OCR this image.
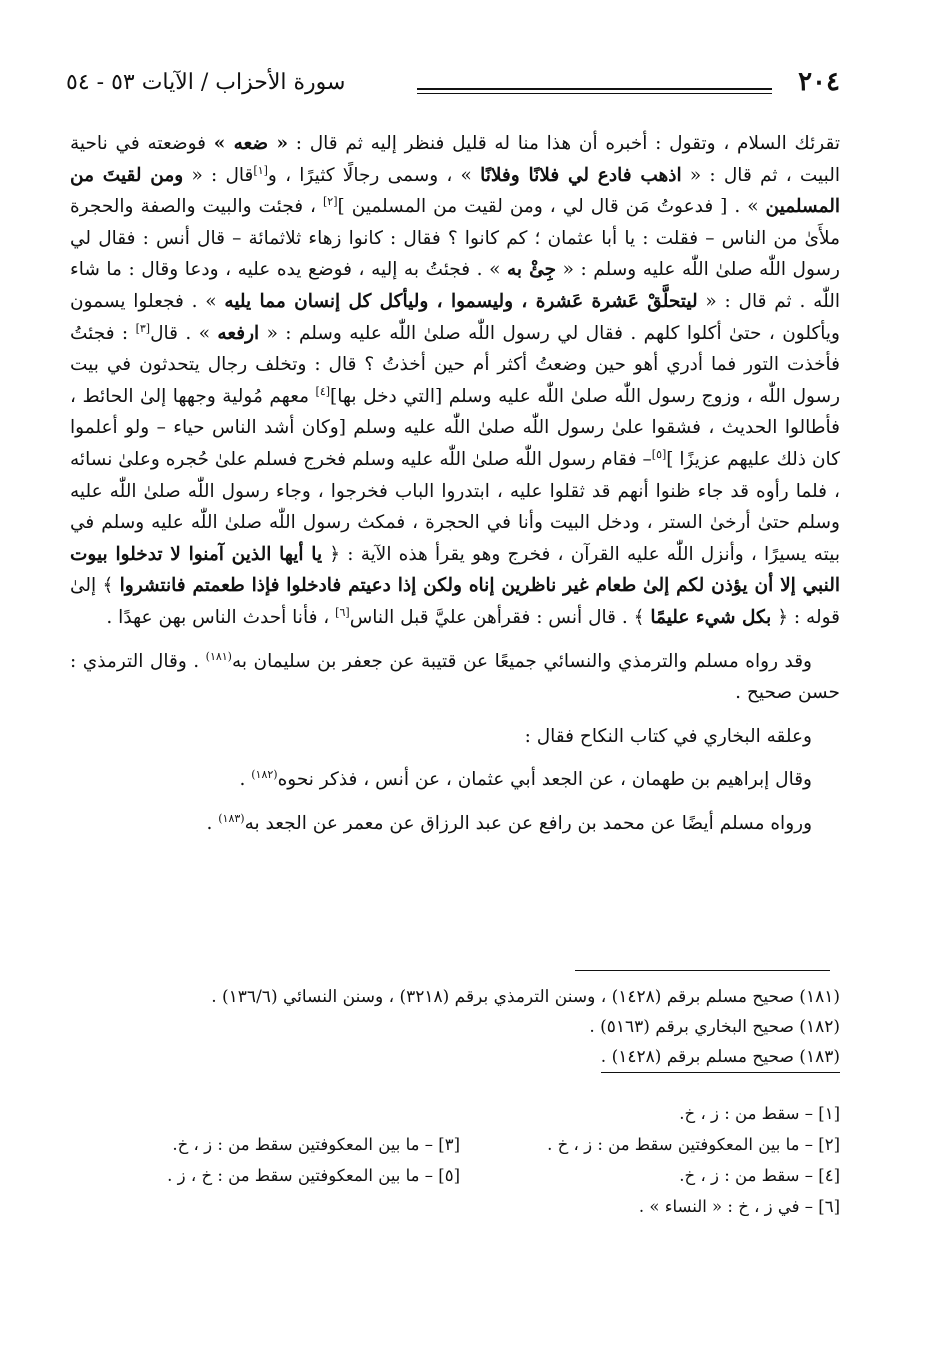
٢٠٤
سورة الأحزاب / الآيات ٥٣ - ٥٤

تقرئك السلام ، وتقول : أخبره أن هذا منا له قليل فنظر إليه ثم قال : « ضعه » فوضعته في ناحية البيت ، ثم قال : « اذهب فادع لي فلانًا وفلانًا » ، وسمى رجالًا كثيرًا ، و[١]قال : « ومن لقيتَ من المسلمين » . [ فدعوتُ مَن قال لي ، ومن لقيت من المسلمين ][٢] ، فجئت والبيت والصفة والحجرة ملأَىٰ من الناس – فقلت : يا أبا عثمان ؛ كم كانوا ؟ فقال : كانوا زهاء ثلاثمائة – قال أنس : فقال لي رسول اللّٰه صلىٰ اللّٰه عليه وسلم : « جِئْ به » . فجئتُ به إليه ، فوضع يده عليه ، ودعا وقال : ما شاء اللّٰه . ثم قال : « ليتحلَّقْ عَشرة عَشرة ، وليسموا ، وليأكل كل إنسان مما يليه » . فجعلوا يسمون ويأكلون ، حتىٰ أكلوا كلهم . فقال لي رسول اللّٰه صلىٰ اللّٰه عليه وسلم : « ارفعه » . قال[٣] : فجئتُ فأخذت التور فما أدري أهو حين وضعتُ أكثر أم حين أخذتُ ؟ قال : وتخلف رجال يتحدثون في بيت رسول اللّٰه ، وزوج رسول اللّٰه صلىٰ اللّٰه عليه وسلم [التي دخل بها][٤] معهم مُولية وجهها إلىٰ الحائط ، فأطالوا الحديث ، فشقوا علىٰ رسول اللّٰه صلىٰ اللّٰه عليه وسلم [وكان أشد الناس حياء – ولو أعلموا كان ذلك عليهم عزيزًا ][٥]– فقام رسول اللّٰه صلىٰ اللّٰه عليه وسلم فخرج فسلم علىٰ حُجره وعلىٰ نسائه ، فلما رأوه قد جاء ظنوا أنهم قد ثقلوا عليه ، ابتدروا الباب فخرجوا ، وجاء رسول اللّٰه صلىٰ اللّٰه عليه وسلم حتىٰ أرخىٰ الستر ، ودخل البيت وأنا في الحجرة ، فمكث رسول اللّٰه صلىٰ اللّٰه عليه وسلم في بيته يسيرًا ، وأنزل اللّٰه عليه القرآن ، فخرج وهو يقرأ هذه الآية : ﴿ يا أيها الذين آمنوا لا تدخلوا بيوت النبي إلا أن يؤذن لكم إلىٰ طعام غير ناظرين إناه ولكن إذا دعيتم فادخلوا فإذا طعمتم فانتشروا ﴾ إلىٰ قوله : ﴿ بكل شيء عليمًا ﴾ . قال أنس : فقرأهن عليَّ قبل الناس[٦] ، فأنا أحدث الناس بهن عهدًا .

وقد رواه مسلم والترمذي والنسائي جميعًا عن قتيبة عن جعفر بن سليمان به$^{(١٨١)}$ . وقال الترمذي : حسن صحيح .

وعلقه البخاري في كتاب النكاح فقال :

وقال إبراهيم بن طهمان ، عن الجعد أبي عثمان ، عن أنس ، فذكر نحوه$^{(١٨٢)}$ .

ورواه مسلم أيضًا عن محمد بن رافع عن عبد الرزاق عن معمر عن الجعد به$^{(١٨٣)}$ .

(١٨١) صحيح مسلم برقم (١٤٢٨) ، وسنن الترمذي برقم (٣٢١٨) ، وسنن النسائي (١٣٦/٦) .

(١٨٢) صحيح البخاري برقم (٥١٦٣) .

(١٨٣) صحيح مسلم برقم (١٤٢٨) .

[١] – سقط من : ز ، خ.
[٢] – ما بين المعكوفتين سقط من : ز ، خ .
[٣] – ما بين المعكوفتين سقط من : ز ، خ.
[٤] – سقط من : ز ، خ.
[٥] – ما بين المعكوفتين سقط من : خ ، ز .
[٦] – في ز ، خ : « النساء » .
